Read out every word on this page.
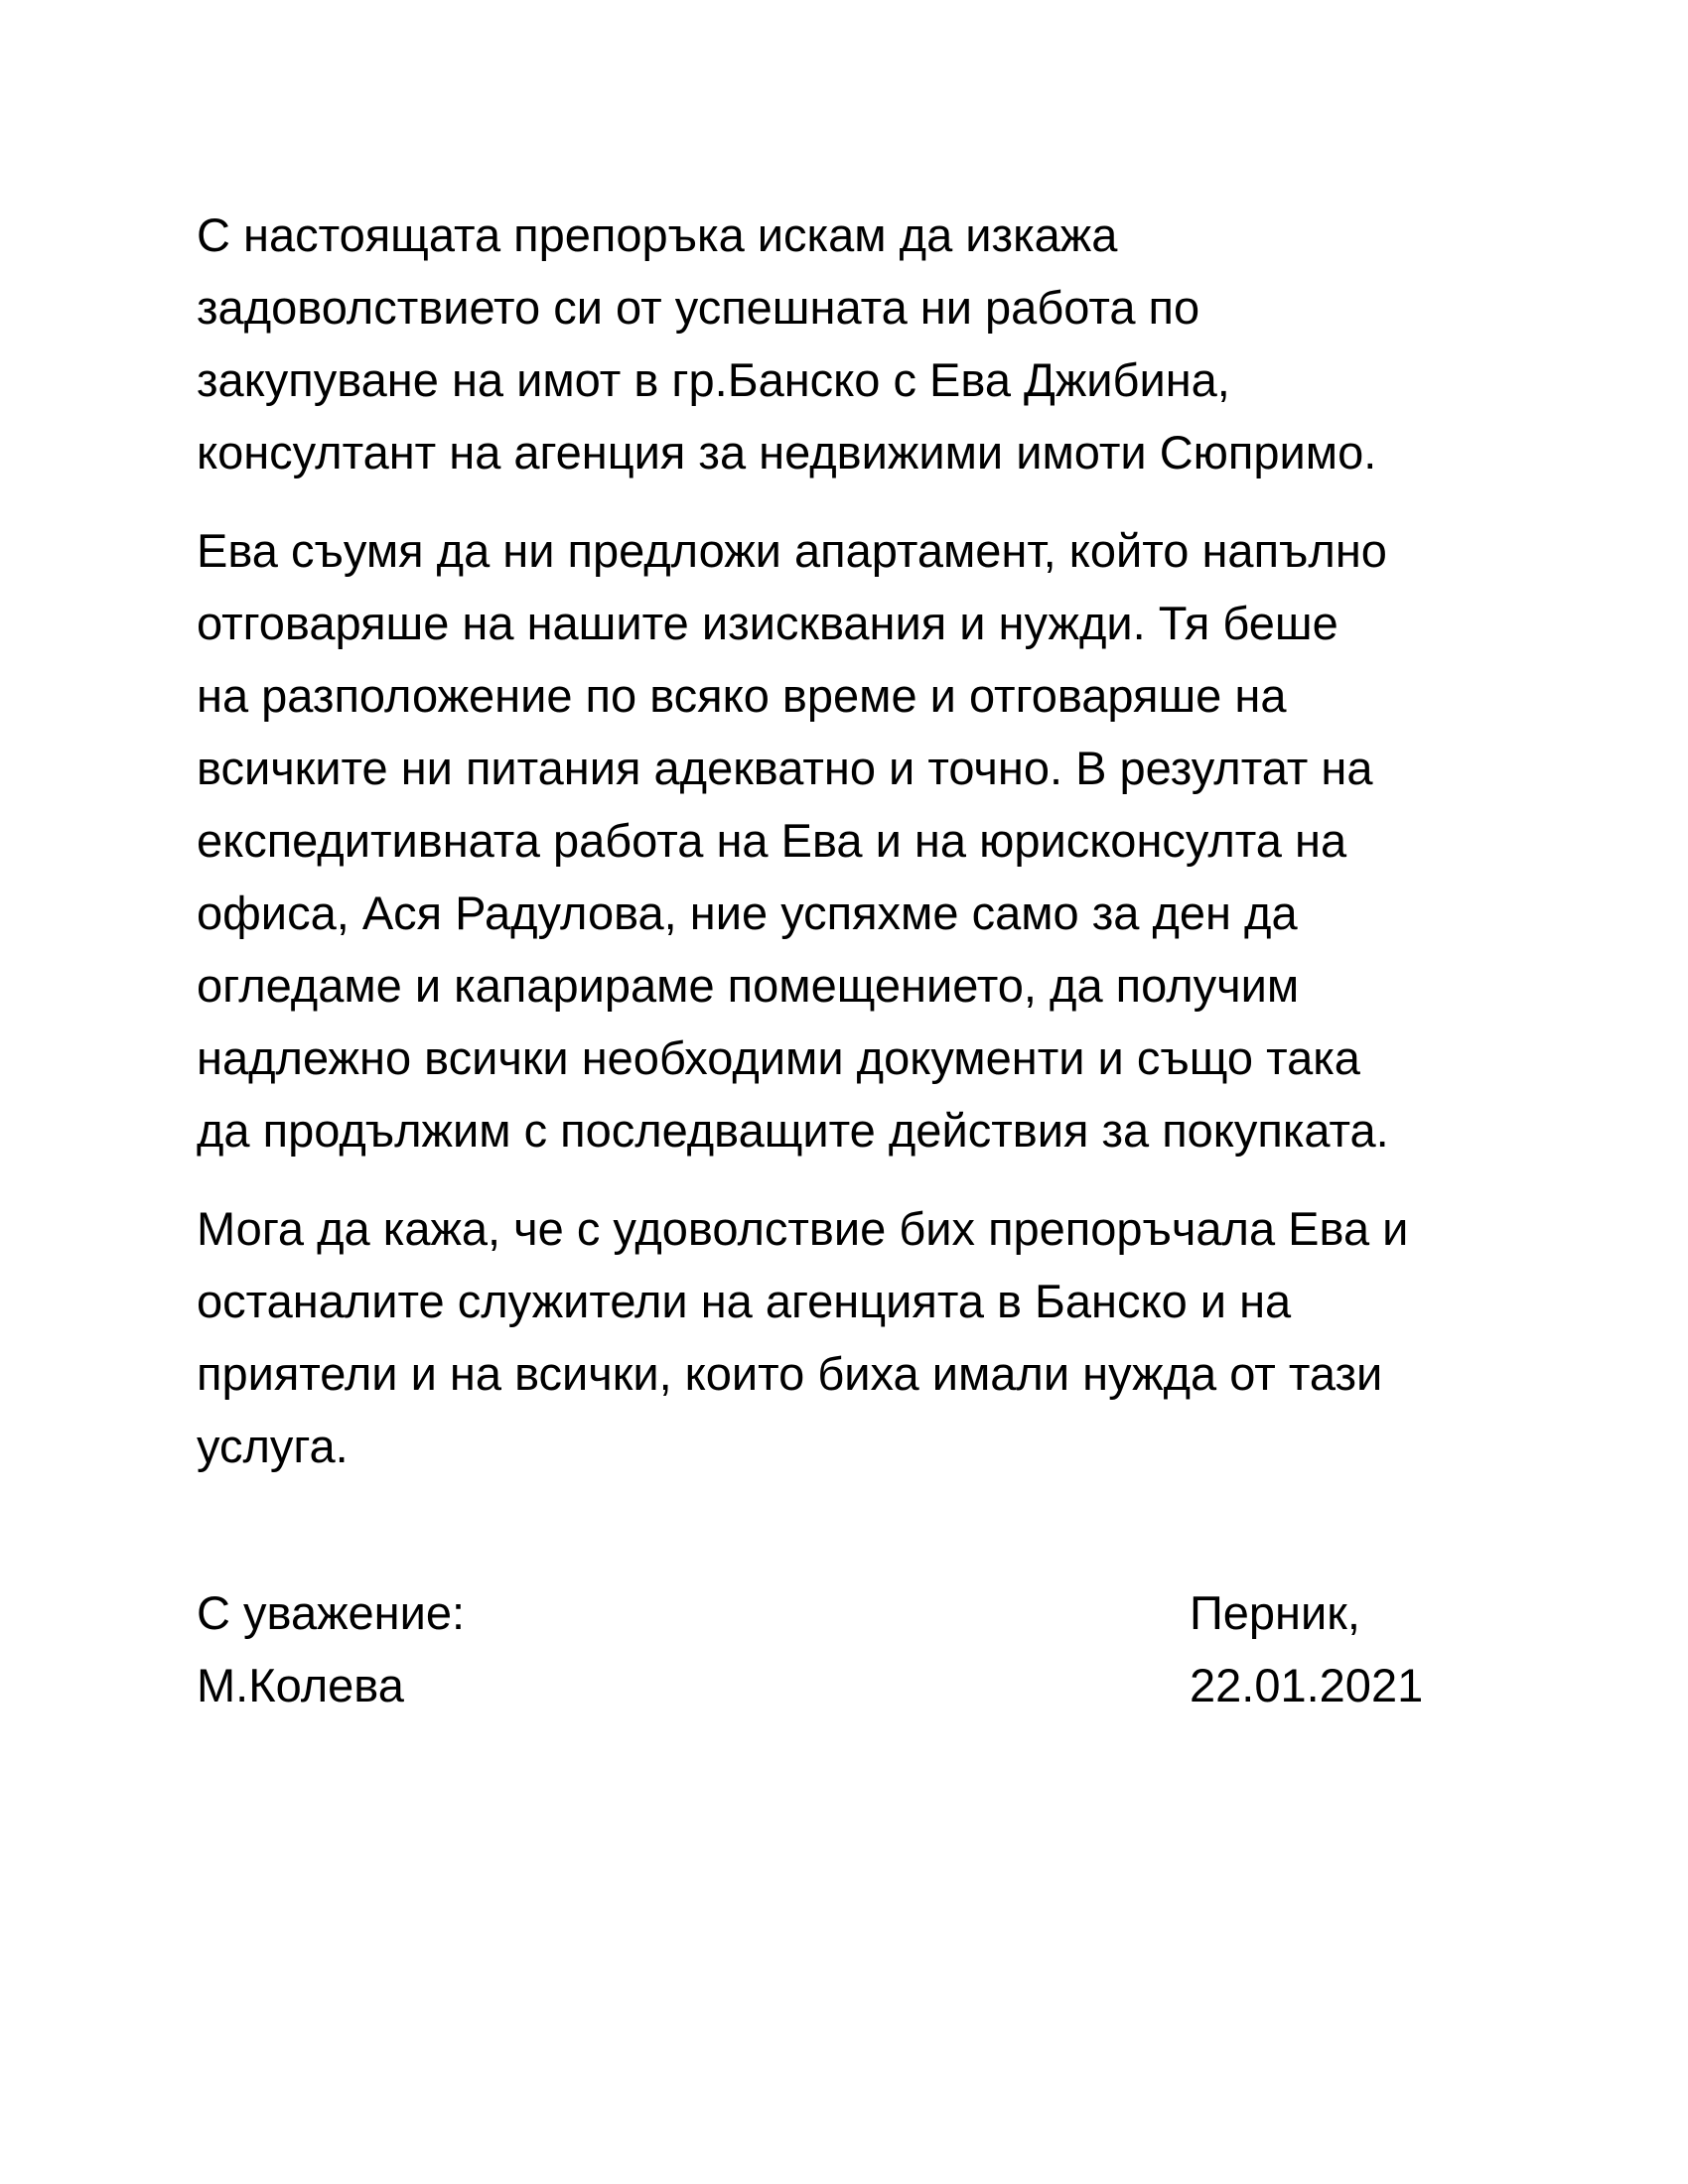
С настоящата препоръка искам да изкажа
задоволствието си от успешната ни работа по
закупуване на имот в гр.Банско с Ева Джибина,
консултант на агенция за недвижими имоти Сюпримо.

Ева съумя да ни предложи апартамент, който напълно
отговаряше на нашите изисквания и нужди. Тя беше
на разположение по всяко време и отговаряше на
всичките ни питания адекватно и точно. В резултат на
експедитивната работа на Ева и на юрисконсулта на
офиса, Ася Радулова, ние успяхме само за ден да
огледаме и капарираме помещението, да получим
надлежно всички необходими документи и също така
да продължим с последващите действия за покупката.

Мога да кажа, че с удоволствие бих препоръчала Ева и
останалите служители на агенцията в Банско и на
приятели и на всички, които биха имали нужда от тази
услуга.

С уважение:
М.Колева
Перник,
22.01.2021
